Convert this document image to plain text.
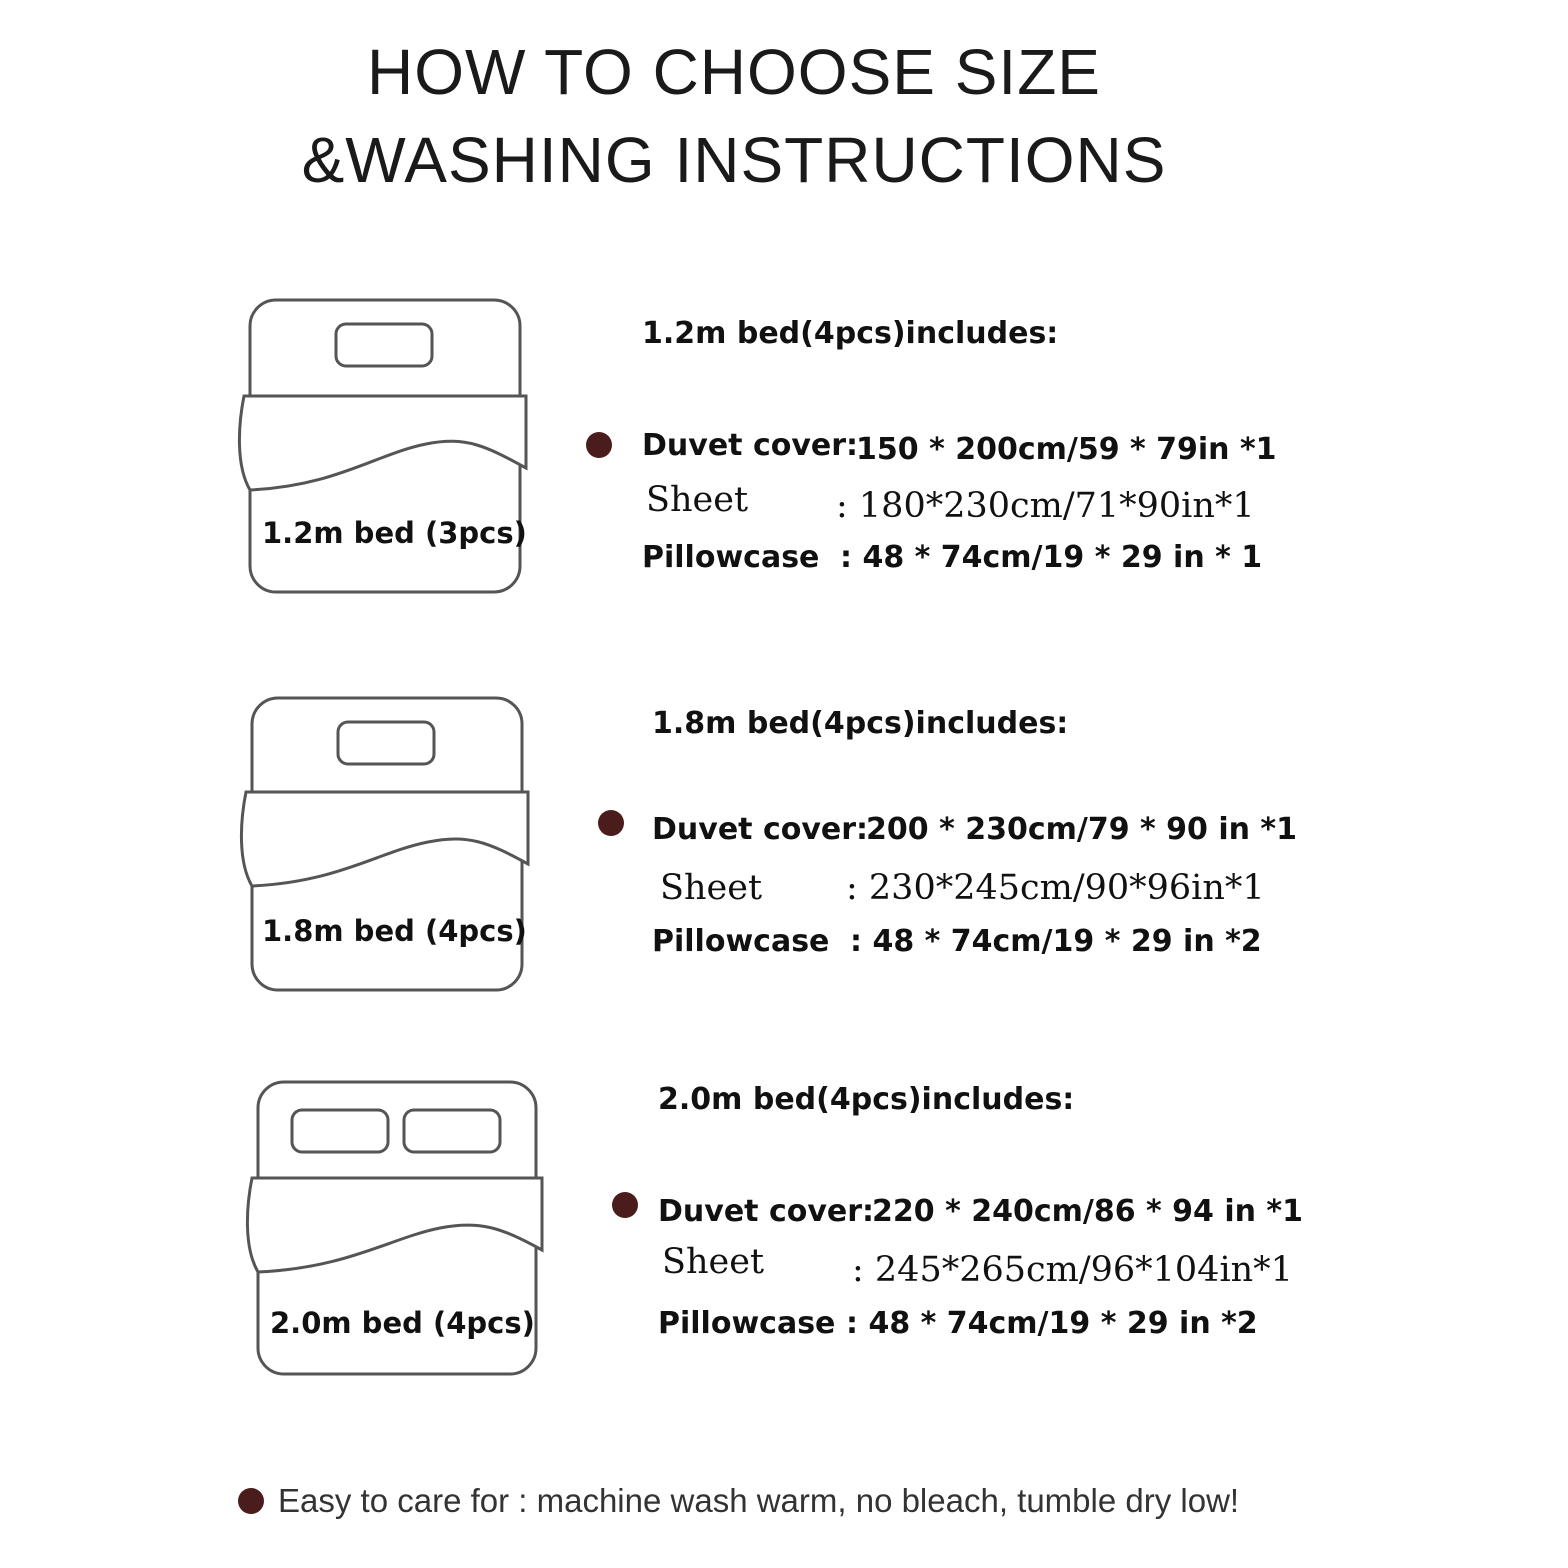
HOW TO CHOOSE SIZE
&WASHING INSTRUCTIONS
1.2m bed (3pcs)
1.2m bed(4pcs)includes:
Duvet cover:
150 * 200cm/59 * 79in *1
Sheet	: 180*230cm/71*90in*1
Pillowcase : 48 * 74cm/19 * 29 in * 1
1.8m bed (4pcs)
1.8m bed(4pcs)includes:
Duvet cover:
200 * 230cm/79 * 90 in *1
Sheet : 230*245cm/90*96in*1
Pillowcase : 48 * 74cm/19 * 29 in *2
2.0m bed (4pcs)
2.0m bed(4pcs)includes:
Duvet cover:
220 * 240cm/86 * 94 in *1
Sheet	: 245*265cm/96*104in*1
Pillowcase : 48 * 74cm/19 * 29 in *2
Easy to care for : machine wash warm, no bleach, tumble dry low!
